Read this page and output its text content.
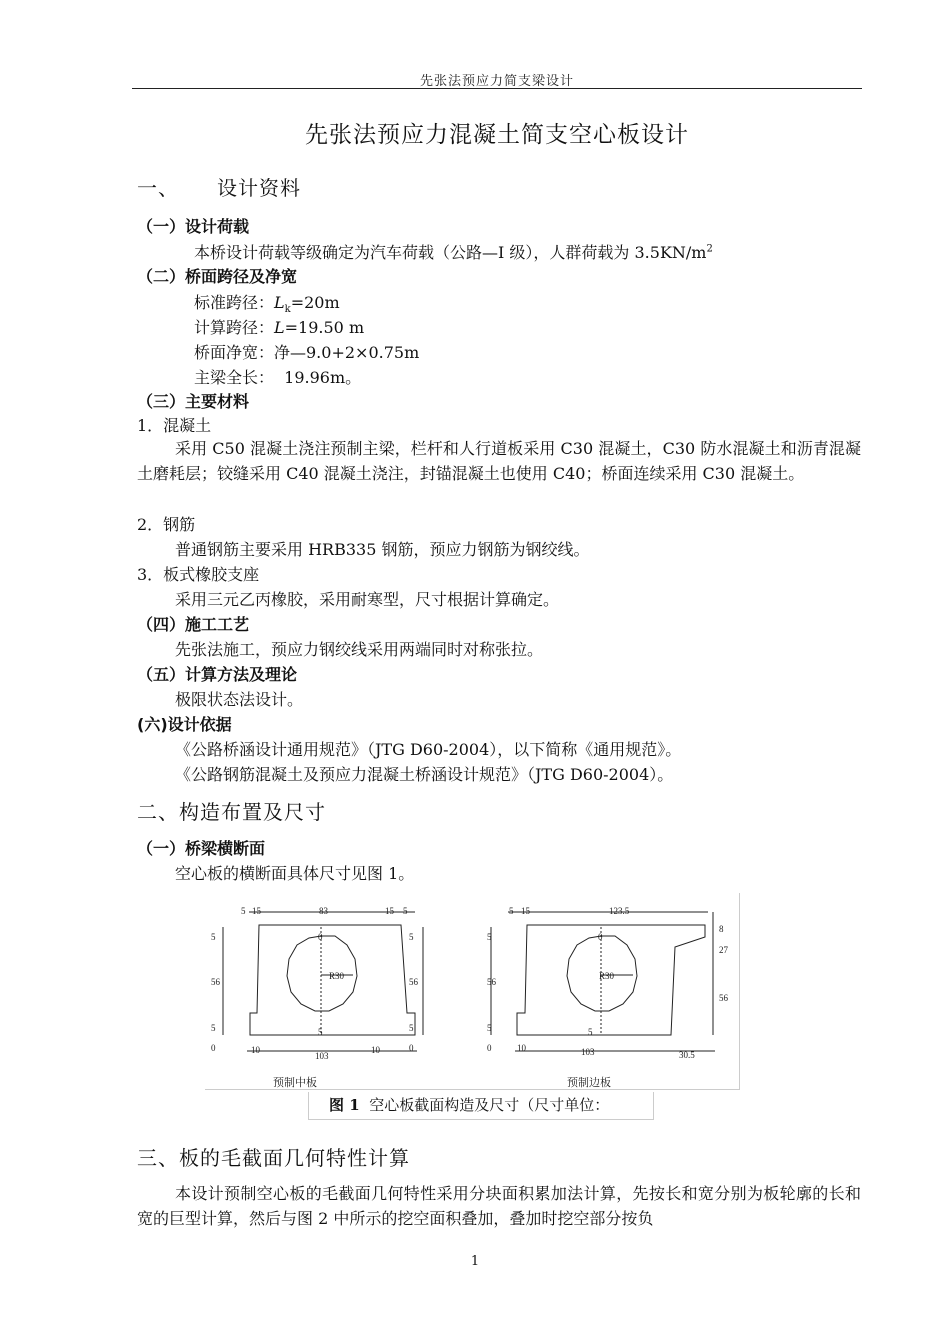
先张法预应力简支梁设计
先张法预应力混凝土简支空心板设计
一、 设计资料
（一）设计荷载
本桥设计荷载等级确定为汽车荷载（公路—I 级），人群荷载为 $3.5KN/m^2$
（二）桥面跨径及净宽
标准跨径：$L_k=20m$
计算跨径：L=19.50 m
桥面净宽：净—9.0+2×0.75m
主梁全长：  19.96m。
（三）主要材料
1．混凝土
采用 C50 混凝土浇注预制主梁，栏杆和人行道板采用 C30 混凝土，C30 防水混凝土和沥青混凝土磨耗层；铰缝采用 C40 混凝土浇注，封锚混凝土也使用 C40；桥面连续采用 C30 混凝土。
2．钢筋
普通钢筋主要采用 HRB335 钢筋，预应力钢筋为钢绞线。
3．板式橡胶支座
采用三元乙丙橡胶，采用耐寒型，尺寸根据计算确定。
（四）施工工艺
先张法施工，预应力钢绞线采用两端同时对称张拉。
（五）计算方法及理论
极限状态法设计。
(六)设计依据
《公路桥涵设计通用规范》（JTG D60-2004），以下简称《通用规范》。
《公路钢筋混凝土及预应力混凝土桥涵设计规范》（JTG D60-2004）。
二、构造布置及尺寸
（一）桥梁横断面
空心板的横断面具体尺寸见图 1。
5 15	83	15 5
5
56
5
0
5
56
5
0
10
103
10
0
5
R30
5 15	123.5
8
27
56
5
56
5
0	10	103	30.5
0
5
R30
预制中板	预制边板
图 1 空心板截面构造及尺寸（尺寸单位：
三、板的毛截面几何特性计算
本设计预制空心板的毛截面几何特性采用分块面积累加法计算，先按长和宽分别为板轮廓的长和宽的巨型计算，然后与图 2 中所示的挖空面积叠加，叠加时挖空部分按负
1
